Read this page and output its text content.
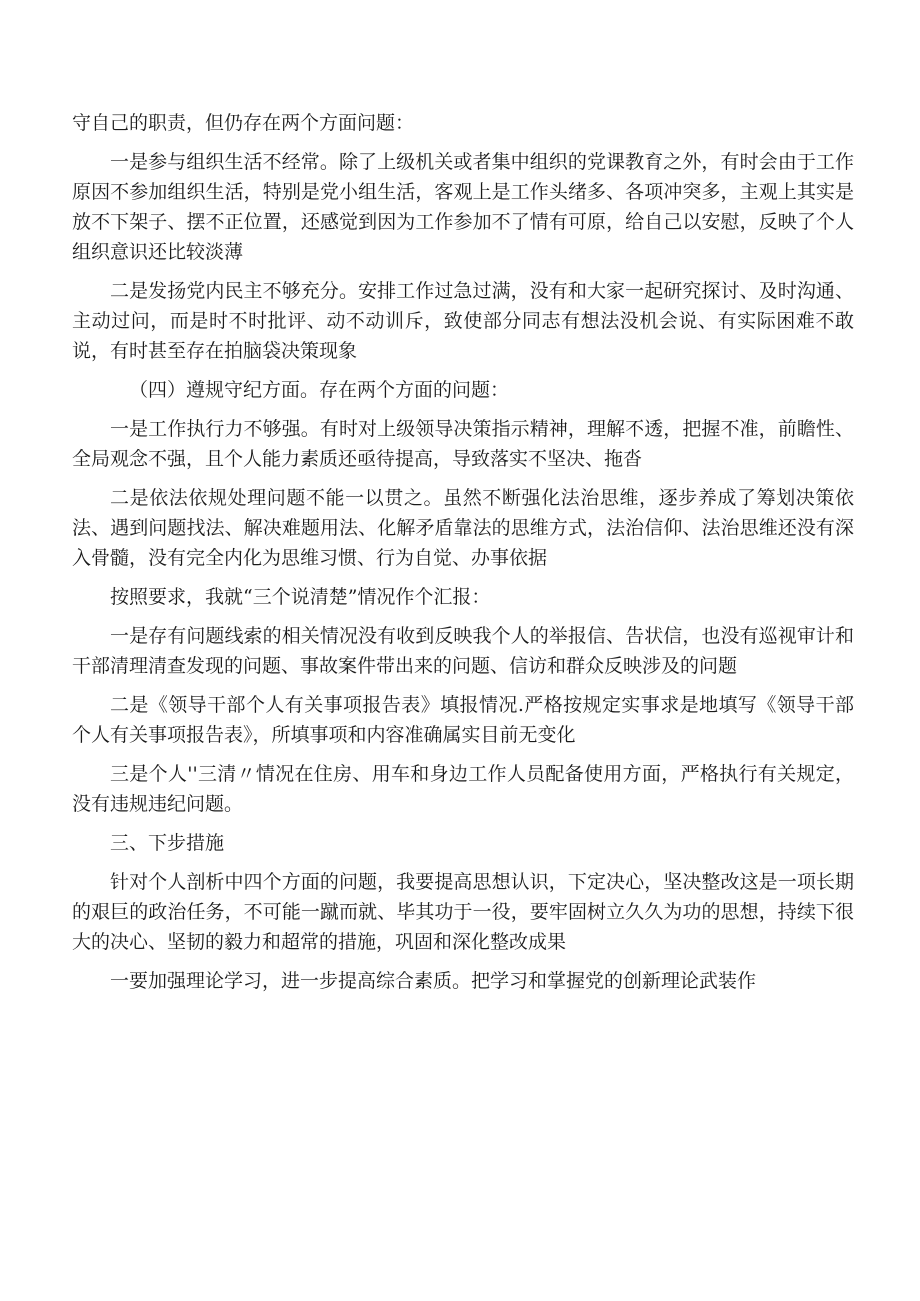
守自己的职责，但仍存在两个方面问题：

一是参与组织生活不经常。除了上级机关或者集中组织的党课教育之外，有时会由于工作原因不参加组织生活，特别是党小组生活，客观上是工作头绪多、各项冲突多，主观上其实是放不下架子、摆不正位置，还感觉到因为工作参加不了情有可原，给自己以安慰，反映了个人组织意识还比较淡薄

二是发扬党内民主不够充分。安排工作过急过满，没有和大家一起研究探讨、及时沟通、主动过问，而是时不时批评、动不动训斥，致使部分同志有想法没机会说、有实际困难不敢说，有时甚至存在拍脑袋决策现象

（四）遵规守纪方面。存在两个方面的问题：

一是工作执行力不够强。有时对上级领导决策指示精神，理解不透，把握不准，前瞻性、全局观念不强，且个人能力素质还亟待提高，导致落实不坚决、拖沓

二是依法依规处理问题不能一以贯之。虽然不断强化法治思维，逐步养成了筹划决策依法、遇到问题找法、解决难题用法、化解矛盾靠法的思维方式，法治信仰、法治思维还没有深入骨髓，没有完全内化为思维习惯、行为自觉、办事依据

按照要求，我就“三个说清楚”情况作个汇报：

一是存有问题线索的相关情况没有收到反映我个人的举报信、告状信，也没有巡视审计和干部清理清查发现的问题、事故案件带出来的问题、信访和群众反映涉及的问题

二是《领导干部个人有关事项报告表》填报情况.严格按规定实事求是地填写《领导干部个人有关事项报告表》，所填事项和内容准确属实目前无变化

三是个人''三清〃情况在住房、用车和身边工作人员配备使用方面，严格执行有关规定，没有违规违纪问题。

三、下步措施

针对个人剖析中四个方面的问题，我要提高思想认识，下定决心，坚决整改这是一项长期的艰巨的政治任务，不可能一蹴而就、毕其功于一役，要牢固树立久久为功的思想，持续下很大的决心、坚韧的毅力和超常的措施，巩固和深化整改成果

一要加强理论学习，进一步提高综合素质。把学习和掌握党的创新理论武装作
